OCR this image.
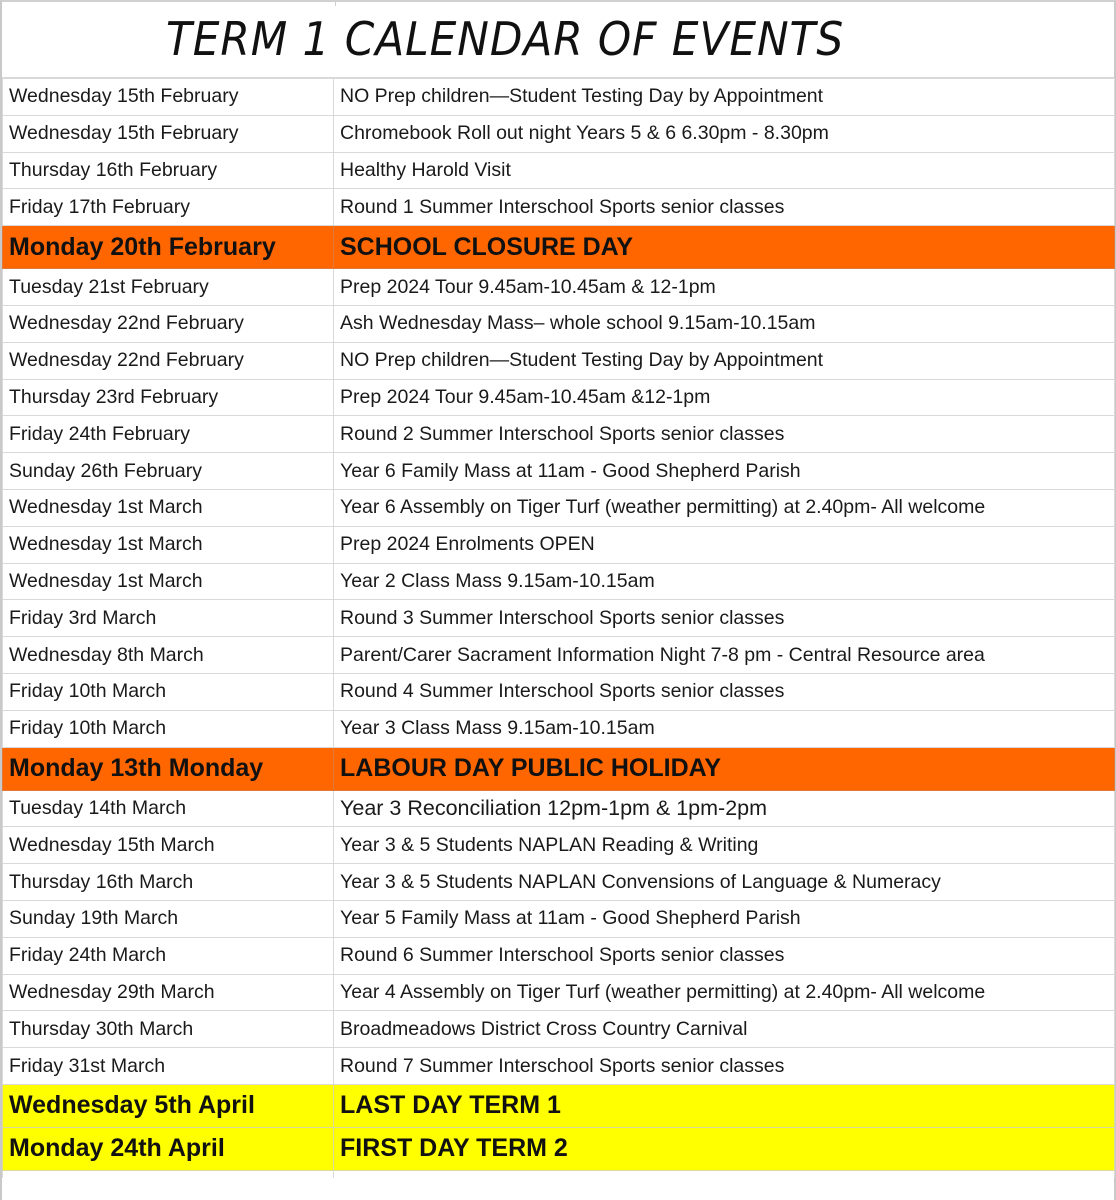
TERM 1 CALENDAR OF EVENTS
Wednesday 15th February	NO Prep children—Student Testing Day by Appointment
Wednesday 15th February	Chromebook Roll out night Years 5 & 6 6.30pm - 8.30pm
Thursday 16th February	Healthy Harold Visit
Friday 17th February	Round 1 Summer Interschool Sports senior classes
Monday 20th February	SCHOOL CLOSURE DAY
Tuesday 21st February	Prep 2024 Tour 9.45am-10.45am & 12-1pm
Wednesday 22nd February	Ash Wednesday Mass– whole school 9.15am-10.15am
Wednesday 22nd February	NO Prep children—Student Testing Day by Appointment
Thursday 23rd February	Prep 2024 Tour 9.45am-10.45am &12-1pm
Friday 24th February	Round 2 Summer Interschool Sports senior classes
Sunday 26th February	Year 6 Family Mass at 11am - Good Shepherd Parish
Wednesday 1st March	Year 6 Assembly on Tiger Turf (weather permitting) at 2.40pm- All welcome
Wednesday 1st March	Prep 2024 Enrolments OPEN
Wednesday 1st March	Year 2 Class Mass 9.15am-10.15am
Friday 3rd March	Round 3 Summer Interschool Sports senior classes
Wednesday 8th March	Parent/Carer Sacrament Information Night 7-8 pm - Central Resource area
Friday 10th March	Round 4 Summer Interschool Sports senior classes
Friday 10th March	Year 3 Class Mass 9.15am-10.15am
Monday 13th Monday	LABOUR DAY PUBLIC HOLIDAY
Tuesday 14th March	Year 3 Reconciliation 12pm-1pm & 1pm-2pm
Wednesday 15th March	Year 3 & 5 Students NAPLAN Reading & Writing
Thursday 16th March	Year 3 & 5 Students NAPLAN Convensions of Language & Numeracy
Sunday 19th March	Year 5 Family Mass at 11am - Good Shepherd Parish
Friday 24th March	Round 6 Summer Interschool Sports senior classes
Wednesday 29th March	Year 4 Assembly on Tiger Turf (weather permitting) at 2.40pm- All welcome
Thursday 30th March	Broadmeadows District Cross Country Carnival
Friday 31st March	Round 7 Summer Interschool Sports senior classes
Wednesday 5th April	LAST DAY TERM 1
Monday 24th April	FIRST DAY TERM 2
